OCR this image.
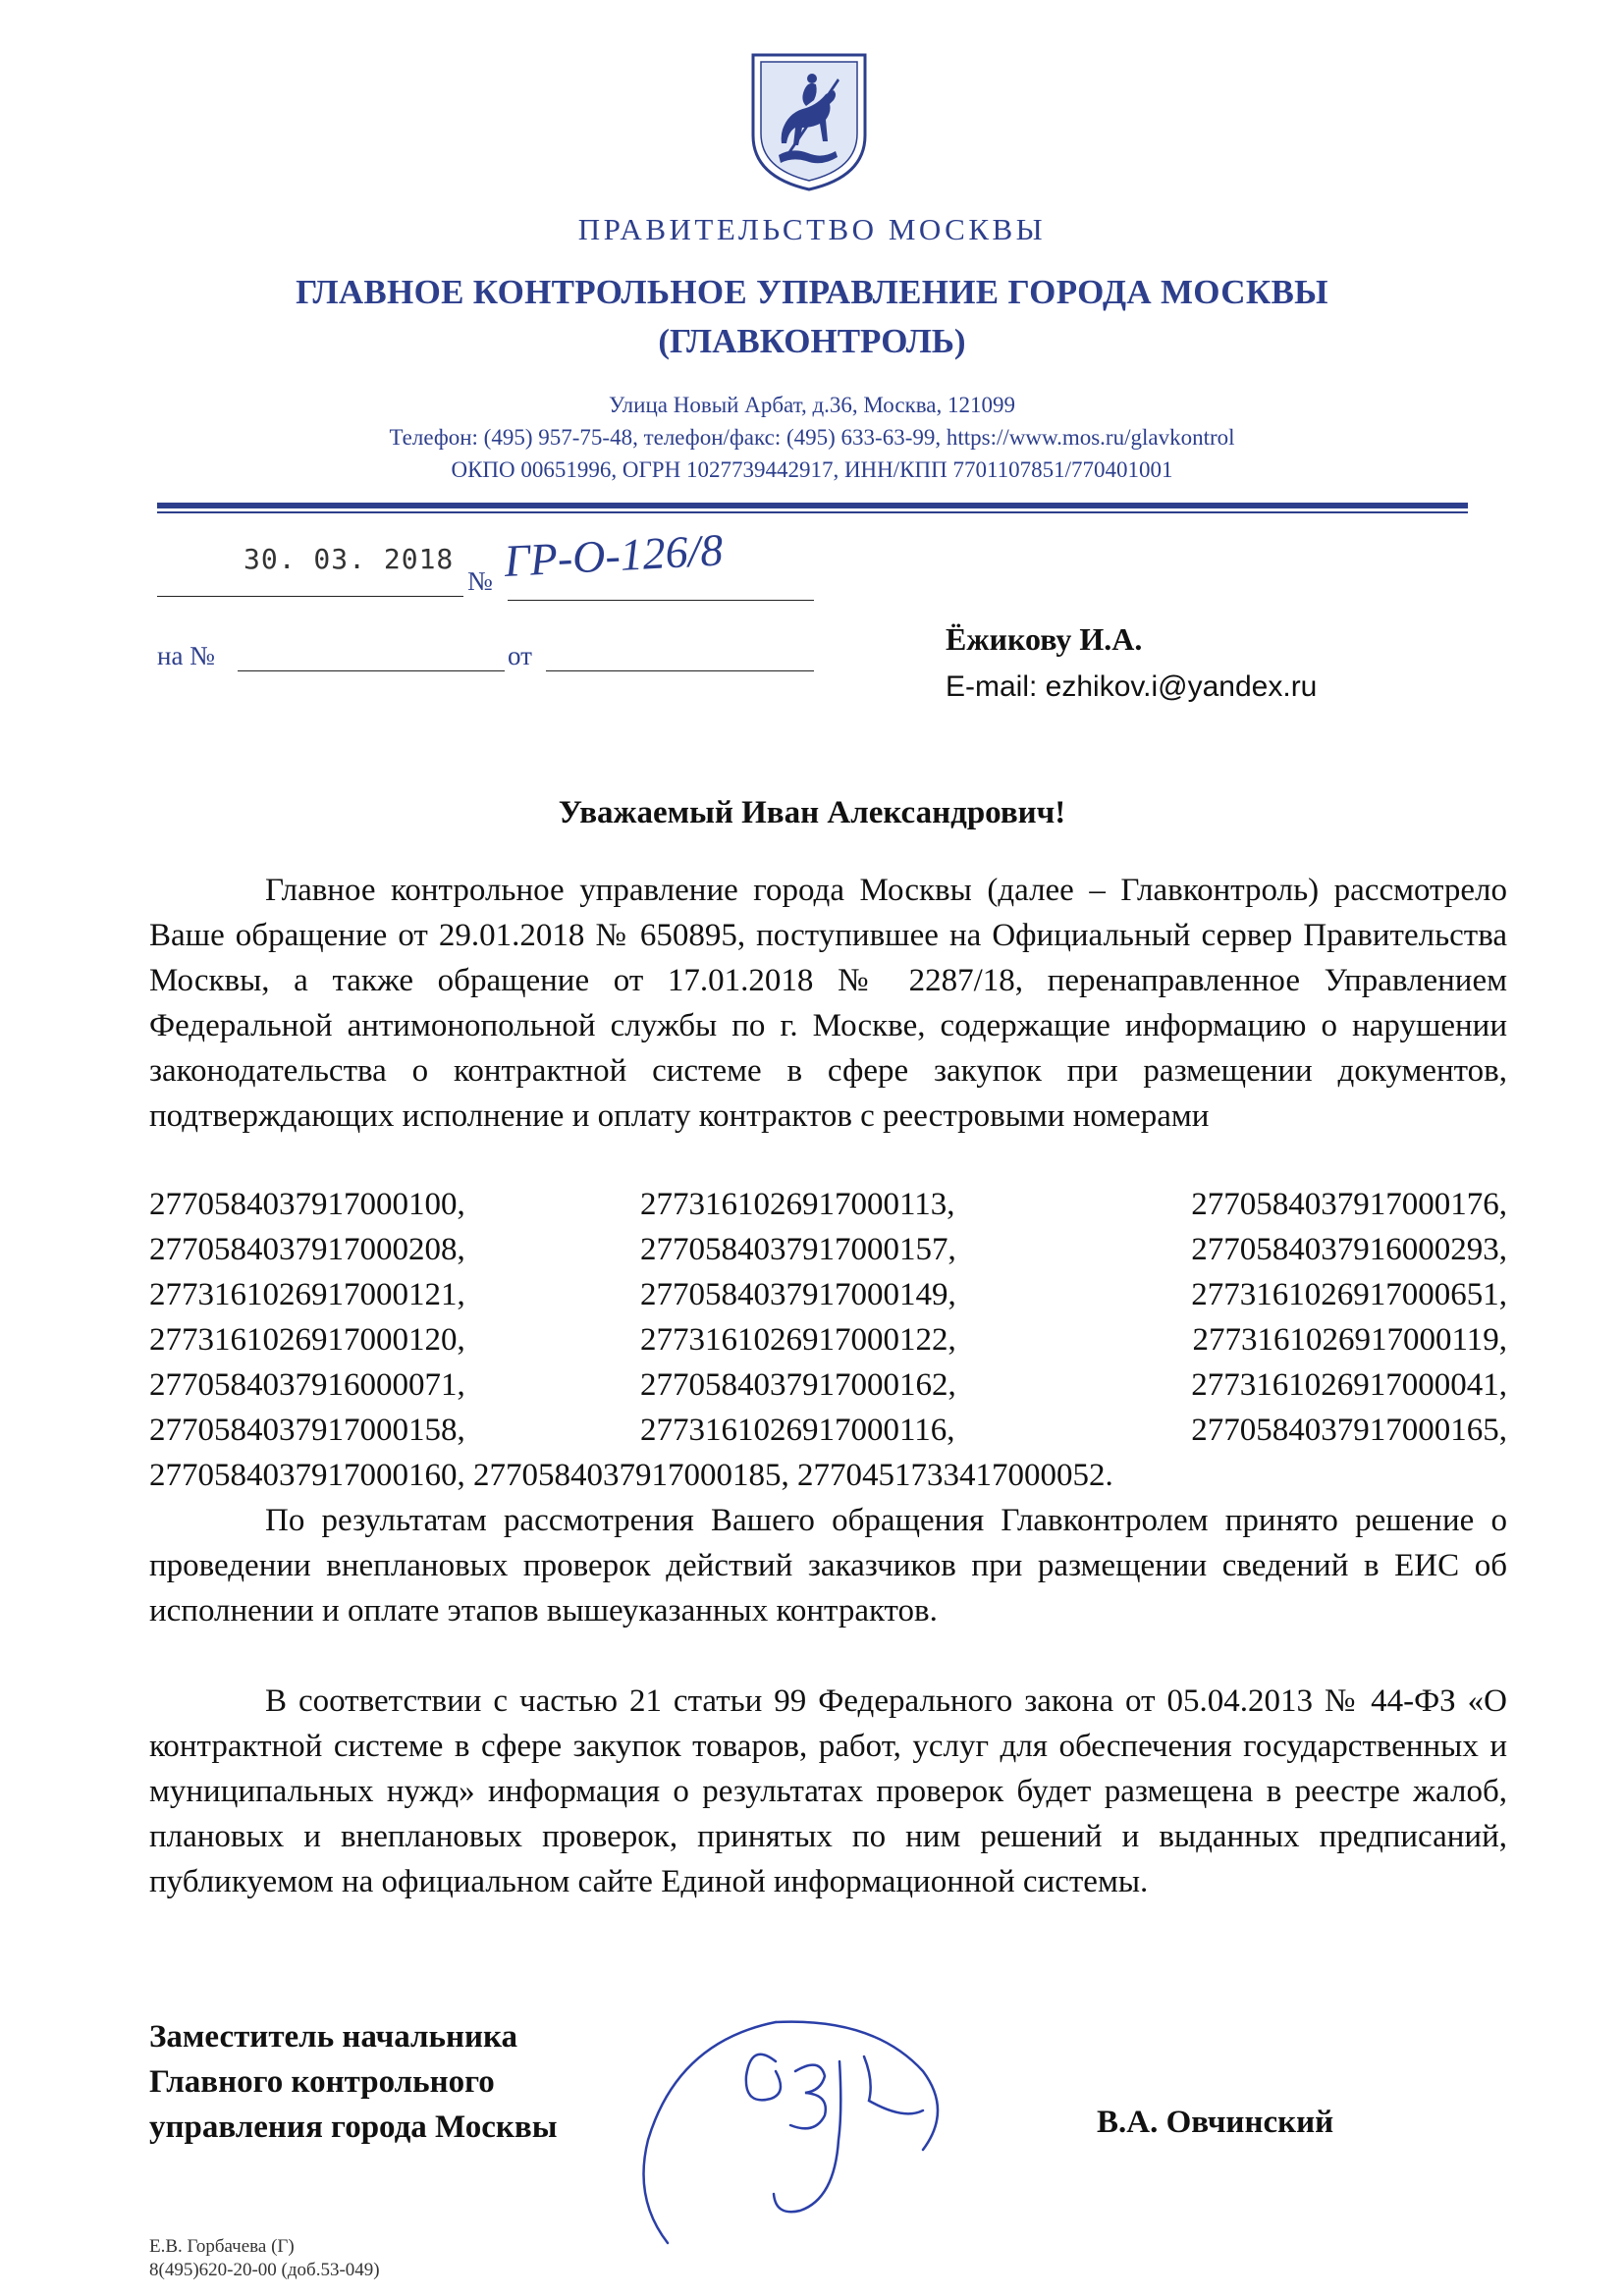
ПРАВИТЕЛЬСТВО МОСКВЫ
ГЛАВНОЕ КОНТРОЛЬНОЕ УПРАВЛЕНИЕ ГОРОДА МОСКВЫ
(ГЛАВКОНТРОЛЬ)
Улица Новый Арбат, д.36, Москва, 121099
Телефон: (495) 957-75-48, телефон/факс: (495) 633-63-99, https://www.mos.ru/glavkontrol
ОКПО 00651996, ОГРН 1027739442917, ИНН/КПП 7701107851/770401001
30. 03. 2018
№ ГР-О-126/8
на №	от	Ёжикову И.А.
E-mail: ezhikov.i@yandex.ru
Уважаемый Иван Александрович!
Главное контрольное управление города Москвы (далее – Главконтроль) рассмотрело Ваше обращение от 29.01.2018 № 650895, поступившее на Официальный сервер Правительства Москвы, а также обращение от 17.01.2018 № 2287/18, перенаправленное Управлением Федеральной антимонопольной службы по г. Москве, содержащие информацию о нарушении законодательства о контрактной системе в сфере закупок при размещении документов, подтверждающих исполнение и оплату контрактов с реестровыми номерами
2770584037917000100,	2773161026917000113,	2770584037917000176,
2770584037917000208,	2770584037917000157,	2770584037916000293,
2773161026917000121,	2770584037917000149,	2773161026917000651,
2773161026917000120,	2773161026917000122,	2773161026917000119,
2770584037916000071,	2770584037917000162,	2773161026917000041,
2770584037917000158,	2773161026917000116,	2770584037917000165,
2770584037917000160, 2770584037917000185, 2770451733417000052.
По результатам рассмотрения Вашего обращения Главконтролем принято решение о проведении внеплановых проверок действий заказчиков при размещении сведений в ЕИС об исполнении и оплате этапов вышеуказанных контрактов.
В соответствии с частью 21 статьи 99 Федерального закона от 05.04.2013 № 44-ФЗ «О контрактной системе в сфере закупок товаров, работ, услуг для обеспечения государственных и муниципальных нужд» информация о результатах проверок будет размещена в реестре жалоб, плановых и внеплановых проверок, принятых по ним решений и выданных предписаний, публикуемом на официальном сайте Единой информационной системы.
Заместитель начальника
Главного контрольного
управления города Москвы	В.А. Овчинский
Е.В. Горбачева (Г)
8(495)620-20-00 (доб.53-049)
